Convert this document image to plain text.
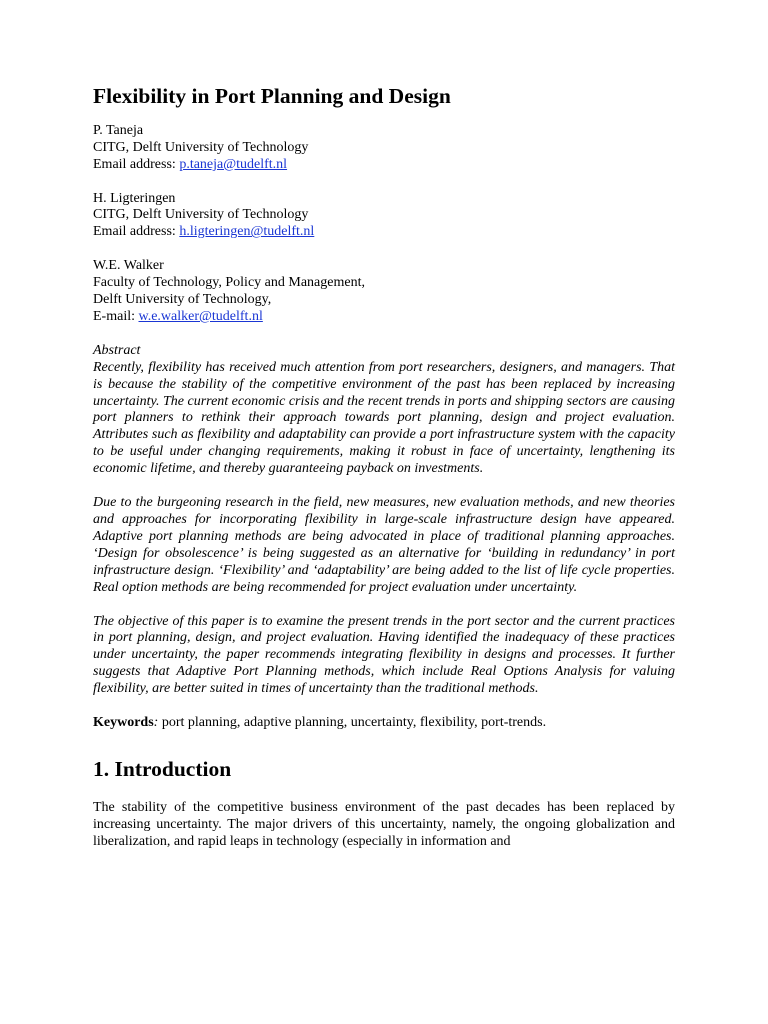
Flexibility in Port Planning and Design
P. Taneja
CITG, Delft University of Technology
Email address: p.taneja@tudelft.nl
H. Ligteringen
CITG, Delft University of Technology
Email address: h.ligteringen@tudelft.nl
W.E. Walker
Faculty of Technology, Policy and Management,
Delft University of Technology,
E-mail: w.e.walker@tudelft.nl
Abstract

Recently, flexibility has received much attention from port researchers, designers, and managers. That is because the stability of the competitive environment of the past has been replaced by increasing uncertainty. The current economic crisis and the recent trends in ports and shipping sectors are causing port planners to rethink their approach towards port planning, design and project evaluation. Attributes such as flexibility and adaptability can provide a port infrastructure system with the capacity to be useful under changing requirements, making it robust in face of uncertainty, lengthening its economic lifetime, and thereby guaranteeing payback on investments.

Due to the burgeoning research in the field, new measures, new evaluation methods, and new theories and approaches for incorporating flexibility in large-scale infrastructure design have appeared. Adaptive port planning methods are being advocated in place of traditional planning approaches. ‘Design for obsolescence’ is being suggested as an alternative for ‘building in redundancy’ in port infrastructure design. ‘Flexibility’ and ‘adaptability’ are being added to the list of life cycle properties. Real option methods are being recommended for project evaluation under uncertainty.

The objective of this paper is to examine the present trends in the port sector and the current practices in port planning, design, and project evaluation. Having identified the inadequacy of these practices under uncertainty, the paper recommends integrating flexibility in designs and processes. It further suggests that Adaptive Port Planning methods, which include Real Options Analysis for valuing flexibility, are better suited in times of uncertainty than the traditional methods.

Keywords: port planning, adaptive planning, uncertainty, flexibility, port-trends.

1. Introduction

The stability of the competitive business environment of the past decades has been replaced by increasing uncertainty. The major drivers of this uncertainty, namely, the ongoing globalization and liberalization, and rapid leaps in technology (especially in information and
